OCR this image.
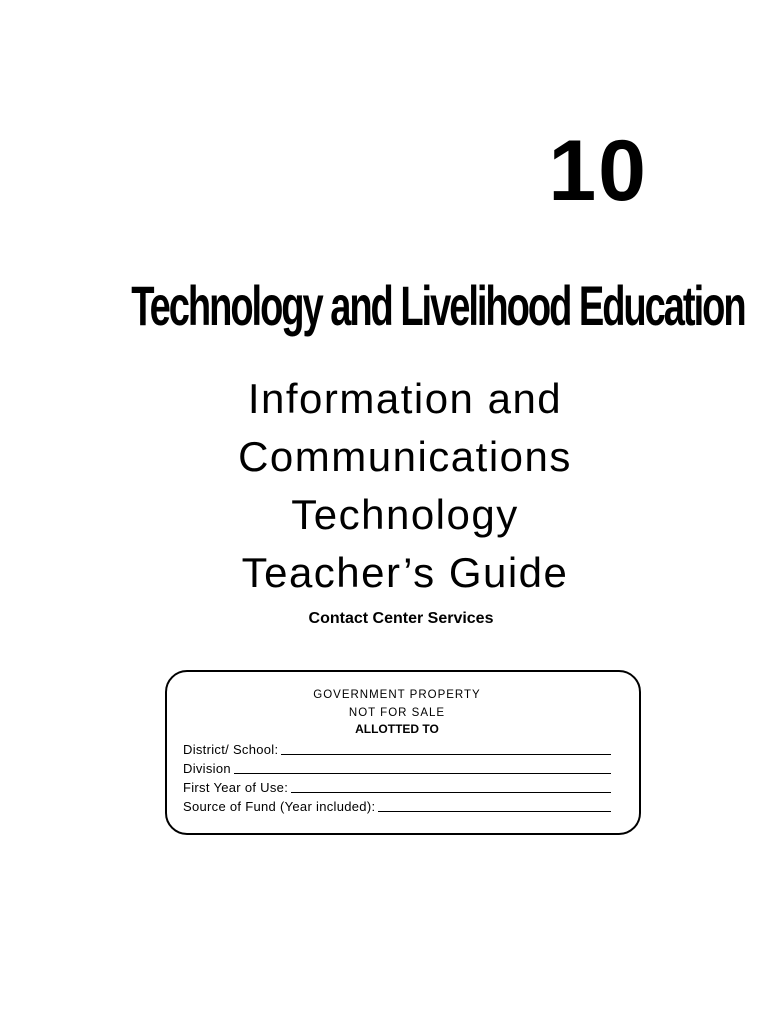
10
Technology and Livelihood Education
Information and
Communications
Technology
Teacher’s Guide
Contact Center Services
GOVERNMENT PROPERTY
NOT FOR SALE
ALLOTTED TO
District/ School:
Division
First Year of Use:
Source of Fund (Year included):
